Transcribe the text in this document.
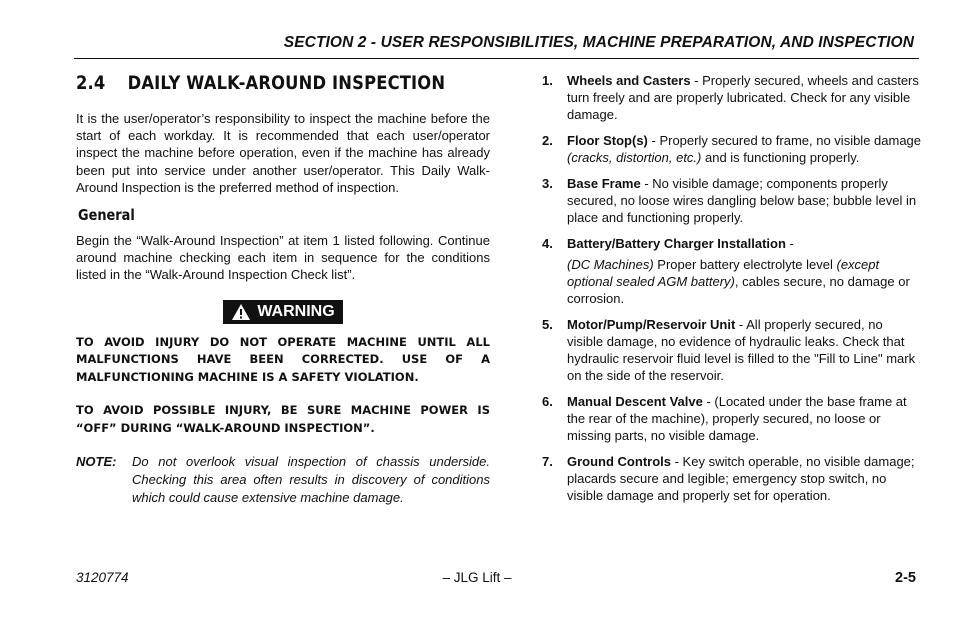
SECTION 2 - USER RESPONSIBILITIES, MACHINE PREPARATION, AND INSPECTION
2.4 DAILY WALK-AROUND INSPECTION

It is the user/operator’s responsibility to inspect the machine before the start of each workday. It is recommended that each user/operator inspect the machine before operation, even if the machine has already been put into service under another user/operator. This Daily Walk-Around Inspection is the preferred method of inspection.

General

Begin the “Walk-Around Inspection” at item 1 listed following. Continue around machine checking each item in sequence for the conditions listed in the “Walk-Around Inspection Check list”.

WARNING

TO AVOID INJURY DO NOT OPERATE MACHINE UNTIL ALL MALFUNCTIONS HAVE BEEN CORRECTED. USE OF A MALFUNCTIONING MACHINE IS A SAFETY VIOLATION.

TO AVOID POSSIBLE INJURY, BE SURE MACHINE POWER IS “OFF” DURING “WALK-AROUND INSPECTION”.

NOTE:	Do not overlook visual inspection of chassis underside. Checking this area often results in discovery of conditions which could cause extensive machine damage.
1.	Wheels and Casters - Properly secured, wheels and casters turn freely and are properly lubricated. Check for any visible damage.
2.	Floor Stop(s) - Properly secured to frame, no visible damage (cracks, distortion, etc.) and is functioning properly.
3.	Base Frame - No visible damage; components properly secured, no loose wires dangling below base; bubble level in place and functioning properly.
4.	Battery/Battery Charger Installation -
(DC Machines) Proper battery electrolyte level (except optional sealed AGM battery), cables secure, no damage or corrosion.
5.	Motor/Pump/Reservoir Unit - All properly secured, no visible damage, no evidence of hydraulic leaks. Check that hydraulic reservoir fluid level is filled to the "Fill to Line" mark on the side of the reservoir.
6.	Manual Descent Valve - (Located under the base frame at the rear of the machine), properly secured, no loose or missing parts, no visible damage.
7.	Ground Controls - Key switch operable, no visible damage; placards secure and legible; emergency stop switch, no visible damage and properly set for operation.
3120774	– JLG Lift –	2-5
